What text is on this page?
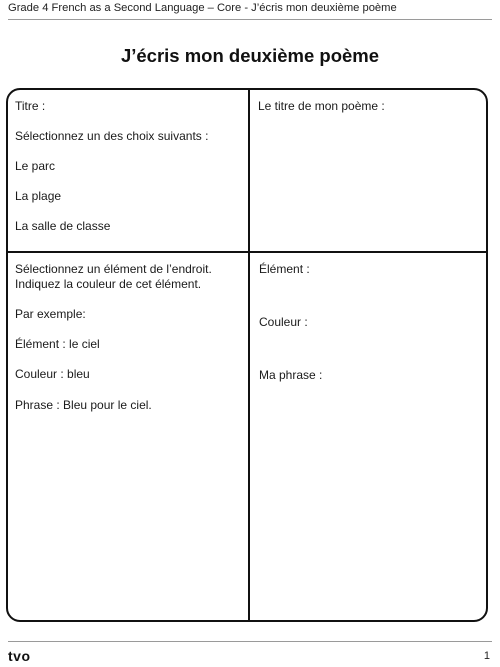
Grade 4 French as a Second Language – Core - J’écris mon deuxième poème
J’écris mon deuxième poème
Titre :
Sélectionnez un des choix suivants :
Le parc
La plage
La salle de classe
Le titre de mon poème :
Sélectionnez un élément de l’endroit.
Indiquez la couleur de cet élément.
Par exemple:
Élément : le ciel
Couleur : bleu
Phrase : Bleu pour le ciel.
Élément :
Couleur :
Ma phrase :
tvo	1
